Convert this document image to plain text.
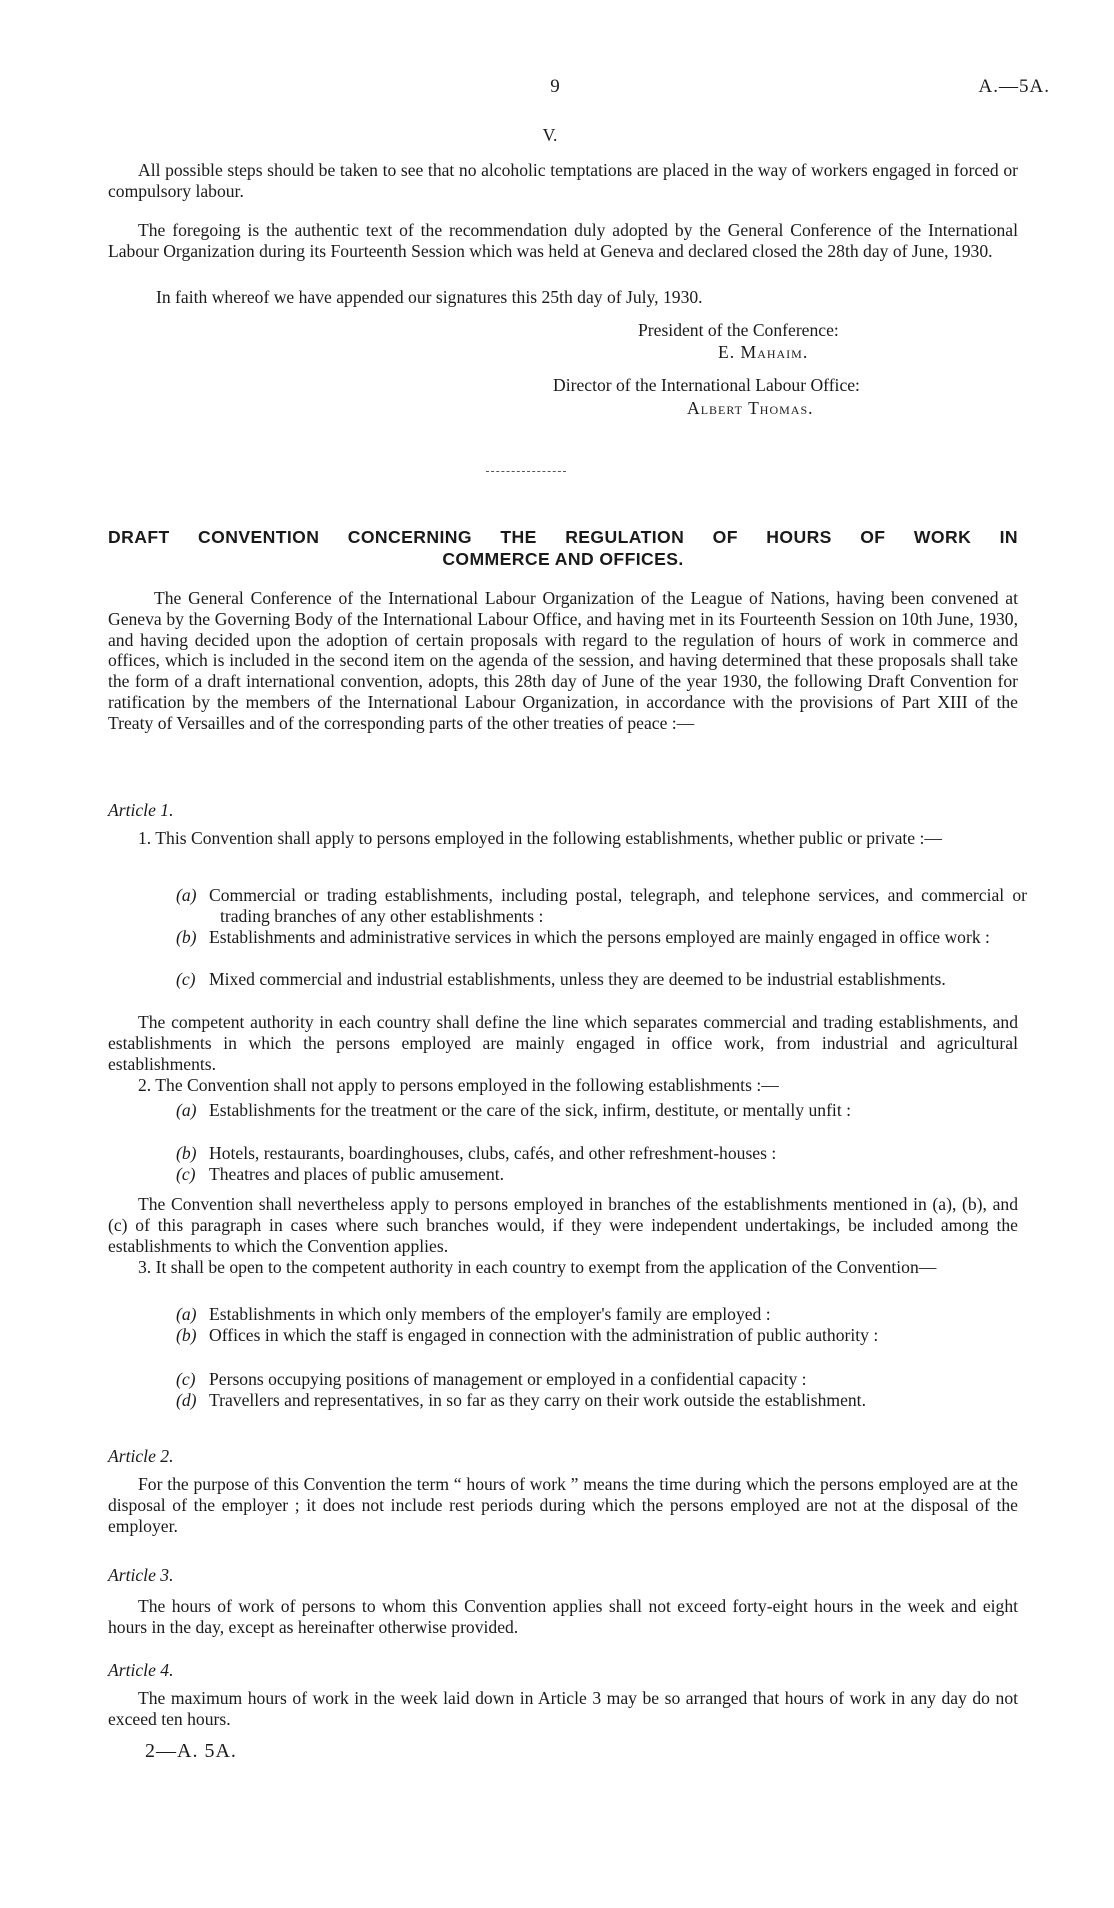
9	A.—5A.
V.

All possible steps should be taken to see that no alcoholic temptations are placed in the way of workers engaged in forced or compulsory labour.

The foregoing is the authentic text of the recommendation duly adopted by the General Conference of the International Labour Organization during its Fourteenth Session which was held at Geneva and declared closed the 28th day of June, 1930.

In faith whereof we have appended our signatures this 25th day of July, 1930.

President of the Conference:
E. Mahaim.
Director of the International Labour Office:
Albert Thomas.
DRAFT CONVENTION CONCERNING THE REGULATION OF HOURS OF WORK IN
COMMERCE AND OFFICES.

The General Conference of the International Labour Organization of the League of Nations, having been convened at Geneva by the Governing Body of the International Labour Office, and having met in its Fourteenth Session on 10th June, 1930, and having decided upon the adoption of certain proposals with regard to the regulation of hours of work in commerce and offices, which is included in the second item on the agenda of the session, and having determined that these proposals shall take the form of a draft international convention, adopts, this 28th day of June of the year 1930, the following Draft Convention for ratification by the members of the International Labour Organization, in accordance with the provisions of Part XIII of the Treaty of Versailles and of the corresponding parts of the other treaties of peace :—

Article 1.

1. This Convention shall apply to persons employed in the following establishments, whether public or private :—

(a) Commercial or trading establishments, including postal, telegraph, and telephone services, and commercial or trading branches of any other establishments :
(b) Establishments and administrative services in which the persons employed are mainly engaged in office work :
(c) Mixed commercial and industrial establishments, unless they are deemed to be industrial establishments.

The competent authority in each country shall define the line which separates commercial and trading establishments, and establishments in which the persons employed are mainly engaged in office work, from industrial and agricultural establishments.

2. The Convention shall not apply to persons employed in the following establishments :—

(a) Establishments for the treatment or the care of the sick, infirm, destitute, or mentally unfit :
(b) Hotels, restaurants, boardinghouses, clubs, cafés, and other refreshment-houses :
(c) Theatres and places of public amusement.

The Convention shall nevertheless apply to persons employed in branches of the establishments mentioned in (a), (b), and (c) of this paragraph in cases where such branches would, if they were independent undertakings, be included among the establishments to which the Convention applies.

3. It shall be open to the competent authority in each country to exempt from the application of the Convention—

(a) Establishments in which only members of the employer's family are employed :
(b) Offices in which the staff is engaged in connection with the administration of public authority :
(c) Persons occupying positions of management or employed in a confidential capacity :
(d) Travellers and representatives, in so far as they carry on their work outside the establishment.
Article 2.

For the purpose of this Convention the term “ hours of work ” means the time during which the persons employed are at the disposal of the employer ; it does not include rest periods during which the persons employed are not at the disposal of the employer.

Article 3.

The hours of work of persons to whom this Convention applies shall not exceed forty-eight hours in the week and eight hours in the day, except as hereinafter otherwise provided.

Article 4.

The maximum hours of work in the week laid down in Article 3 may be so arranged that hours of work in any day do not exceed ten hours.

2—A. 5A.
